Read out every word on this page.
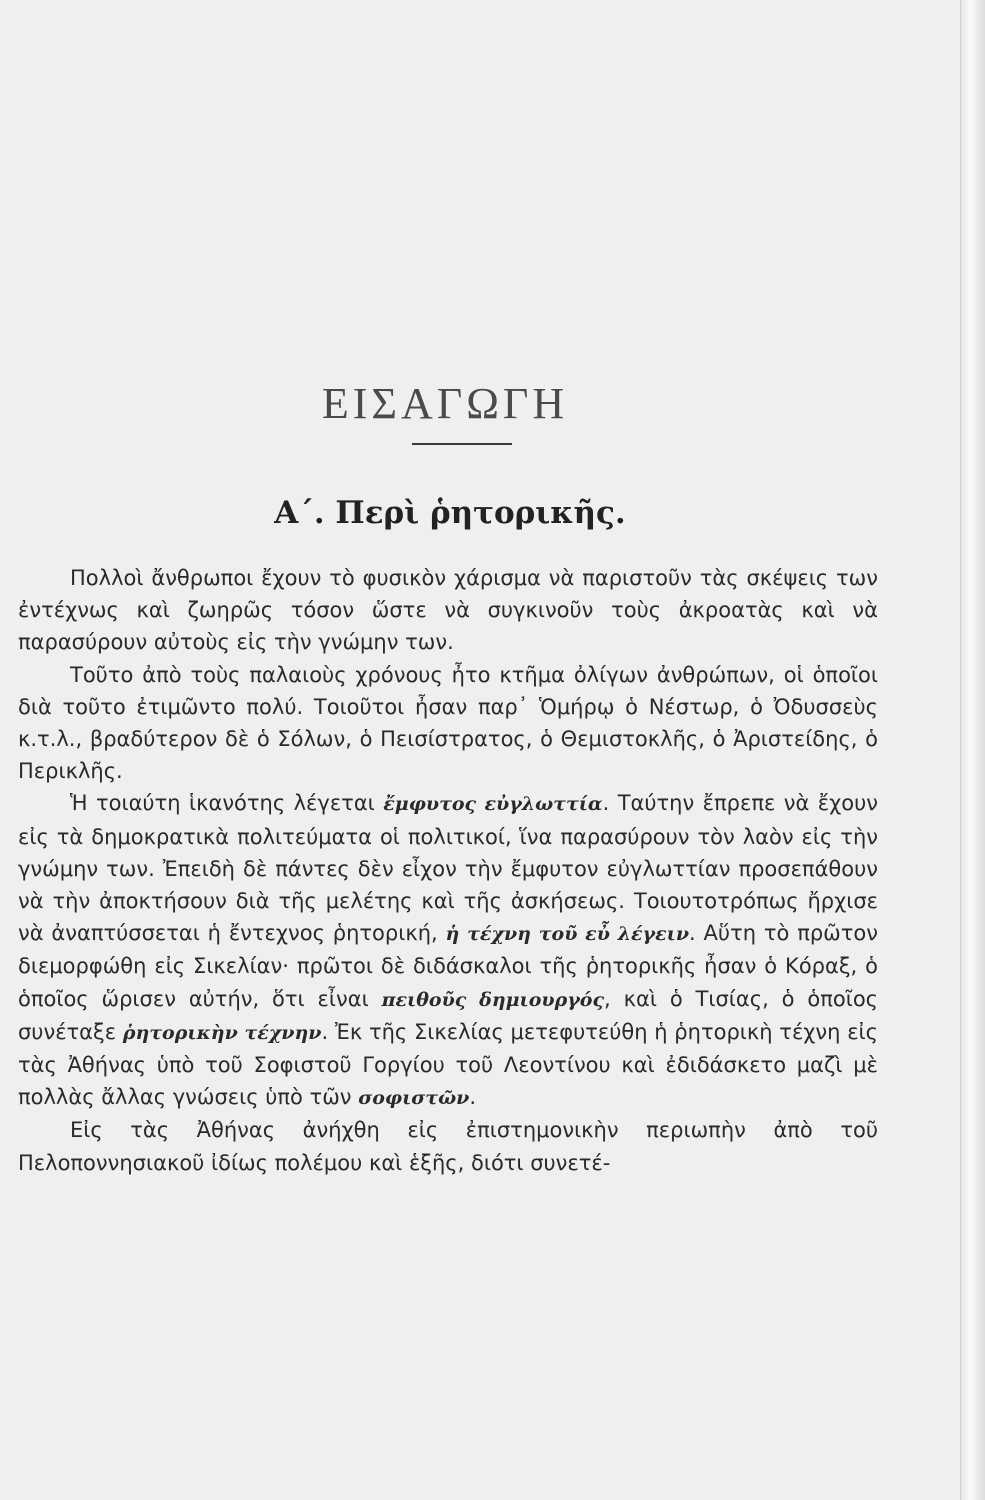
ΕΙΣΑΓΩΓΗ
Α΄. Περὶ ῥητορικῆς.

Πολλοὶ ἄνθρωποι ἔχουν τὸ φυσικὸν χάρισμα νὰ παριστοῦν τὰς σκέψεις των ἐντέχνως καὶ ζωηρῶς τόσον ὥστε νὰ συγκινοῦν τοὺς ἀκροατὰς καὶ νὰ παρασύρουν αὐτοὺς εἰς τὴν γνώμην των.

Τοῦτο ἀπὸ τοὺς παλαιοὺς χρόνους ἦτο κτῆμα ὀλίγων ἀνθρώπων, οἱ ὁποῖοι διὰ τοῦτο ἐτιμῶντο πολύ. Τοιοῦτοι ἦσαν παρ᾽ Ὁμήρῳ ὁ Νέστωρ, ὁ Ὀδυσσεὺς κ.τ.λ., βραδύτερον δὲ ὁ Σόλων, ὁ Πεισίστρατος, ὁ Θεμιστοκλῆς, ὁ Ἀριστείδης, ὁ Περικλῆς.

Ἡ τοιαύτη ἱκανότης λέγεται ἔμφυτος εὐγλωττία. Ταύτην ἔπρεπε νὰ ἔχουν εἰς τὰ δημοκρατικὰ πολιτεύματα οἱ πολιτικοί, ἵνα παρασύρουν τὸν λαὸν εἰς τὴν γνώμην των. Ἐπειδὴ δὲ πάντες δὲν εἶχον τὴν ἔμφυτον εὐγλωττίαν προσεπάθουν νὰ τὴν ἀποκτήσουν διὰ τῆς μελέτης καὶ τῆς ἀσκήσεως. Τοιουτοτρόπως ἤρχισε νὰ ἀναπτύσσεται ἡ ἔντεχνος ῥητορική, ἡ τέχνη τοῦ εὖ λέγειν. Αὕτη τὸ πρῶτον διεμορφώθη εἰς Σικελίαν· πρῶτοι δὲ διδάσκαλοι τῆς ῥητορικῆς ἦσαν ὁ Κόραξ, ὁ ὁποῖος ὥρισεν αὐτήν, ὅτι εἶναι πειθοῦς δημιουργός, καὶ ὁ Τισίας, ὁ ὁποῖος συνέταξε ῥητορικὴν τέχνην. Ἐκ τῆς Σικελίας μετεφυτεύθη ἡ ῥητορικὴ τέχνη εἰς τὰς Ἀθήνας ὑπὸ τοῦ Σοφιστοῦ Γοργίου τοῦ Λεοντίνου καὶ ἐδιδάσκετο μαζὶ μὲ πολλὰς ἄλλας γνώσεις ὑπὸ τῶν σοφιστῶν.

Εἰς τὰς Ἀθήνας ἀνήχθη εἰς ἐπιστημονικὴν περιωπὴν ἀπὸ τοῦ Πελοποννησιακοῦ ἰδίως πολέμου καὶ ἑξῆς, διότι συνετέ-
